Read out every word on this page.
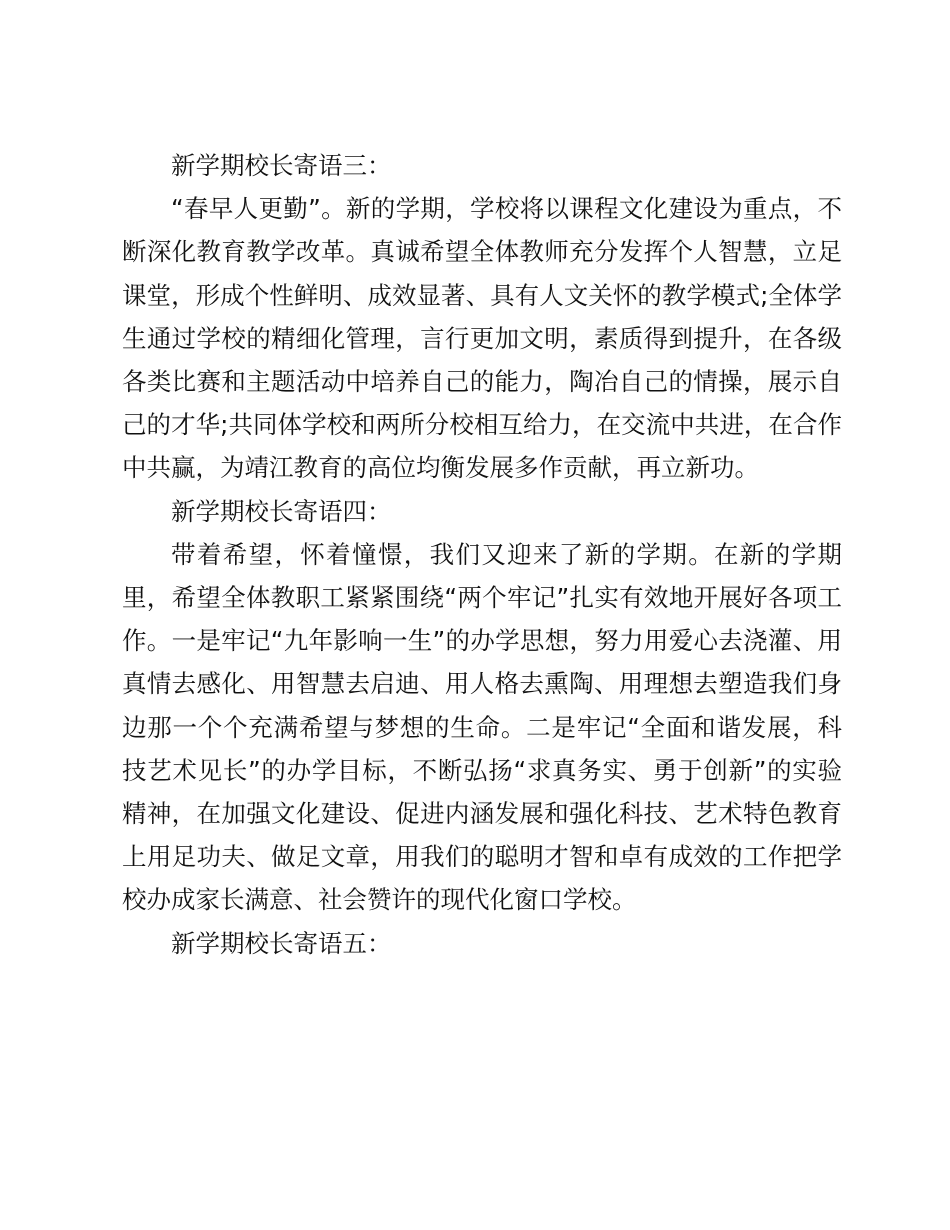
新学期校长寄语三：

“春早人更勤”。新的学期，学校将以课程文化建设为重点，不断深化教育教学改革。真诚希望全体教师充分发挥个人智慧，立足课堂，形成个性鲜明、成效显著、具有人文关怀的教学模式;全体学生通过学校的精细化管理，言行更加文明，素质得到提升，在各级各类比赛和主题活动中培养自己的能力，陶冶自己的情操，展示自己的才华;共同体学校和两所分校相互给力，在交流中共进，在合作中共赢，为靖江教育的高位均衡发展多作贡献，再立新功。

新学期校长寄语四：

带着希望，怀着憧憬，我们又迎来了新的学期。在新的学期里，希望全体教职工紧紧围绕“两个牢记”扎实有效地开展好各项工作。一是牢记“九年影响一生”的办学思想，努力用爱心去浇灌、用真情去感化、用智慧去启迪、用人格去熏陶、用理想去塑造我们身边那一个个充满希望与梦想的生命。二是牢记“全面和谐发展，科技艺术见长”的办学目标，不断弘扬“求真务实、勇于创新”的实验精神，在加强文化建设、促进内涵发展和强化科技、艺术特色教育上用足功夫、做足文章，用我们的聪明才智和卓有成效的工作把学校办成家长满意、社会赞许的现代化窗口学校。

新学期校长寄语五：
